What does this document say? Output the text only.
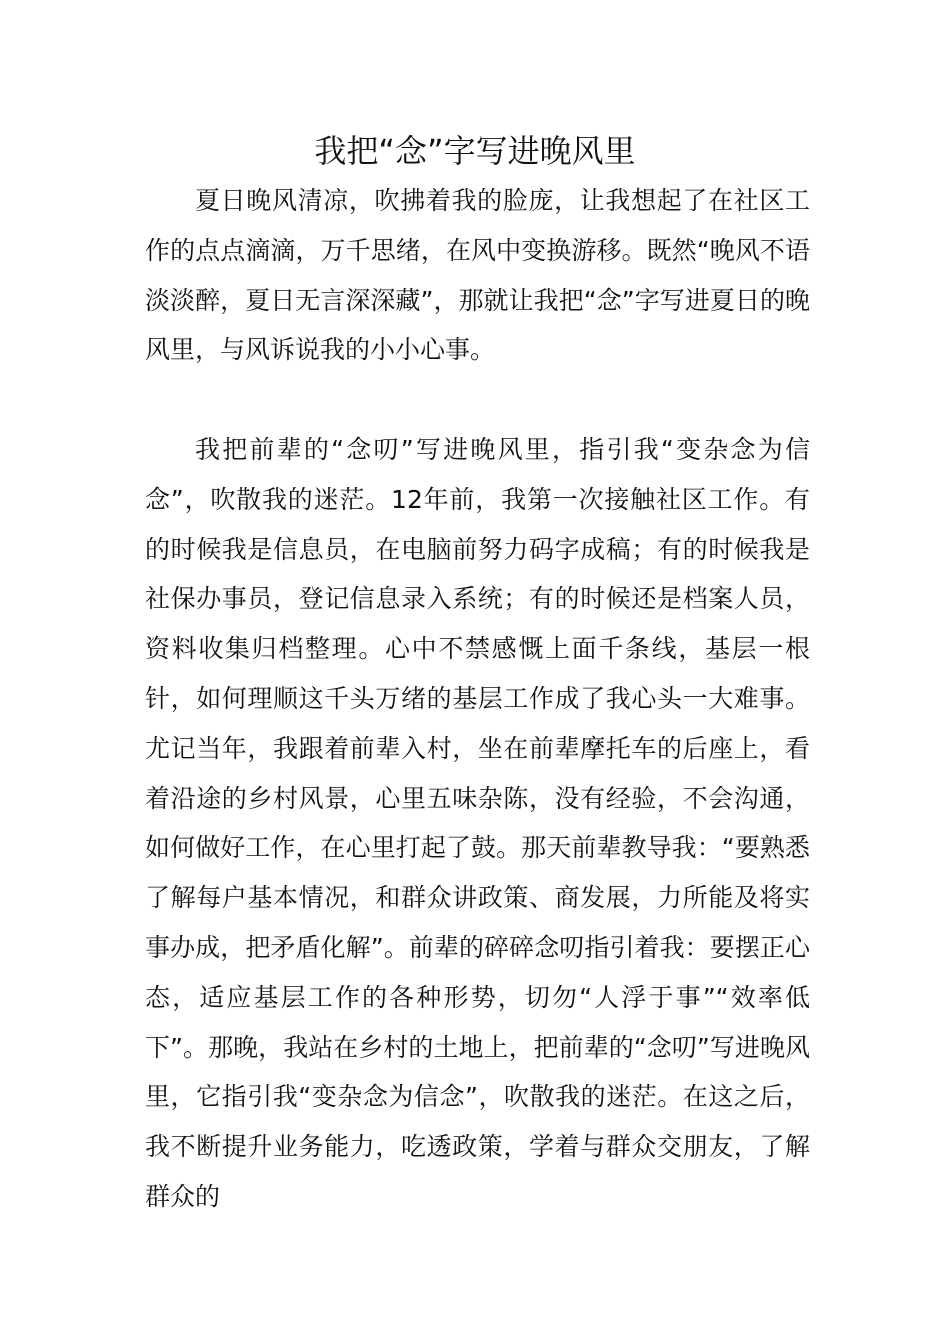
我把“念”字写进晚风里

夏日晚风清凉，吹拂着我的脸庞，让我想起了在社区工作的点点滴滴，万千思绪，在风中变换游移。既然“晚风不语淡淡醉，夏日无言深深藏”，那就让我把“念”字写进夏日的晚风里，与风诉说我的小小心事。

我把前辈的“念叨”写进晚风里，指引我“变杂念为信念”，吹散我的迷茫。12年前，我第一次接触社区工作。有的时候我是信息员，在电脑前努力码字成稿；有的时候我是社保办事员，登记信息录入系统；有的时候还是档案人员，资料收集归档整理。心中不禁感慨上面千条线，基层一根针，如何理顺这千头万绪的基层工作成了我心头一大难事。尤记当年，我跟着前辈入村，坐在前辈摩托车的后座上，看着沿途的乡村风景，心里五味杂陈，没有经验，不会沟通，如何做好工作，在心里打起了鼓。那天前辈教导我：“要熟悉了解每户基本情况，和群众讲政策、商发展，力所能及将实事办成，把矛盾化解”。前辈的碎碎念叨指引着我：要摆正心态，适应基层工作的各种形势，切勿“人浮于事”“效率低下”。那晚，我站在乡村的土地上，把前辈的“念叨”写进晚风里，它指引我“变杂念为信念”，吹散我的迷茫。在这之后，我不断提升业务能力，吃透政策，学着与群众交朋友，了解群众的
